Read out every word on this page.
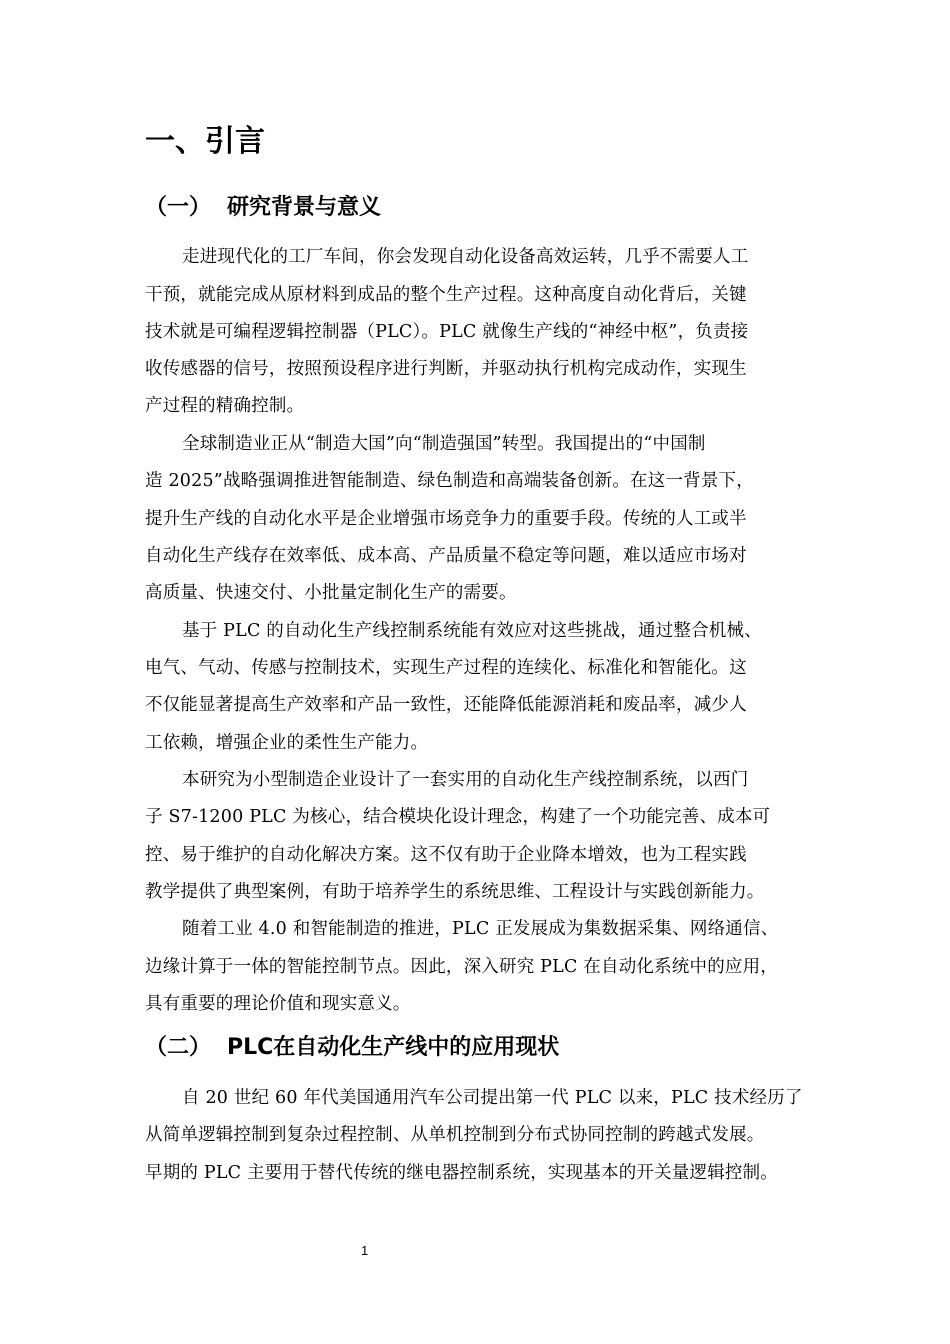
一、引言
（一） 研究背景与意义
走进现代化的工厂车间，你会发现自动化设备高效运转，几乎不需要人工
干预，就能完成从原材料到成品的整个生产过程。这种高度自动化背后，关键
技术就是可编程逻辑控制器（PLC）。PLC 就像生产线的“神经中枢”，负责接
收传感器的信号，按照预设程序进行判断，并驱动执行机构完成动作，实现生
产过程的精确控制。
全球制造业正从“制造大国”向“制造强国”转型。我国提出的“中国制
造 2025”战略强调推进智能制造、绿色制造和高端装备创新。在这一背景下，
提升生产线的自动化水平是企业增强市场竞争力的重要手段。传统的人工或半
自动化生产线存在效率低、成本高、产品质量不稳定等问题，难以适应市场对
高质量、快速交付、小批量定制化生产的需要。
基于 PLC 的自动化生产线控制系统能有效应对这些挑战，通过整合机械、
电气、气动、传感与控制技术，实现生产过程的连续化、标准化和智能化。这
不仅能显著提高生产效率和产品一致性，还能降低能源消耗和废品率，减少人
工依赖，增强企业的柔性生产能力。
本研究为小型制造企业设计了一套实用的自动化生产线控制系统，以西门
子 S7-1200 PLC 为核心，结合模块化设计理念，构建了一个功能完善、成本可
控、易于维护的自动化解决方案。这不仅有助于企业降本增效，也为工程实践
教学提供了典型案例，有助于培养学生的系统思维、工程设计与实践创新能力。
随着工业 4.0 和智能制造的推进，PLC 正发展成为集数据采集、网络通信、
边缘计算于一体的智能控制节点。因此，深入研究 PLC 在自动化系统中的应用，
具有重要的理论价值和现实意义。
（二） PLC在自动化生产线中的应用现状
自 20 世纪 60 年代美国通用汽车公司提出第一代 PLC 以来，PLC 技术经历了
从简单逻辑控制到复杂过程控制、从单机控制到分布式协同控制的跨越式发展。
早期的 PLC 主要用于替代传统的继电器控制系统，实现基本的开关量逻辑控制。
1
